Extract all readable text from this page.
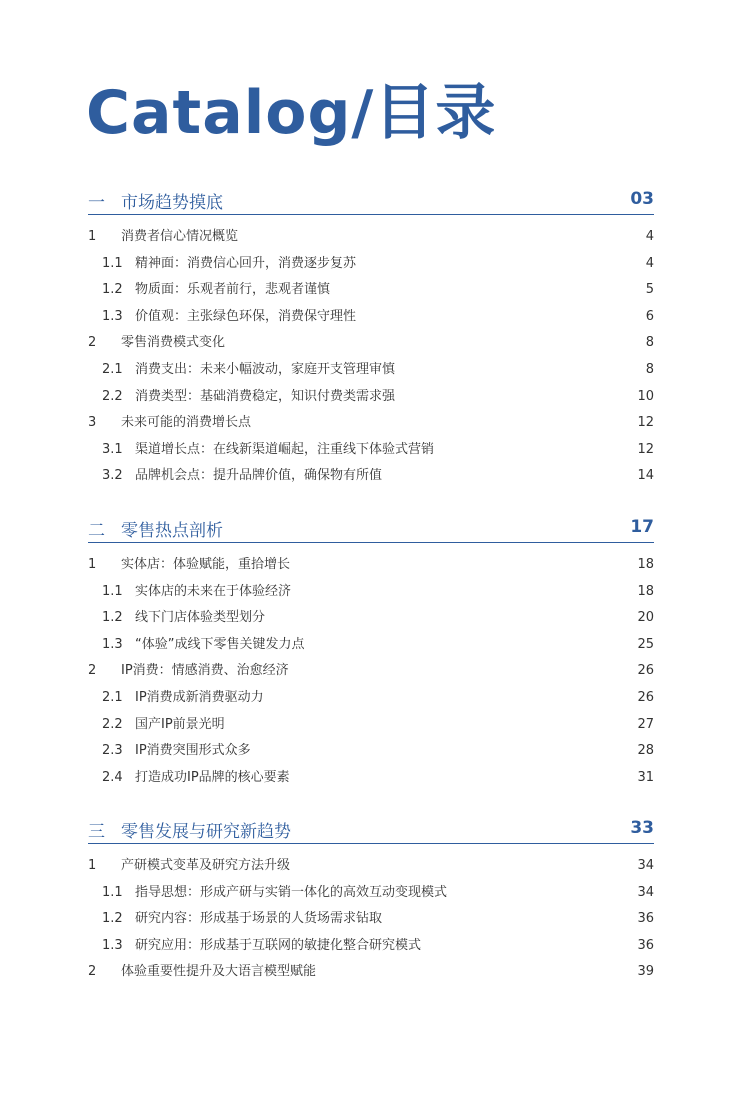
Catalog/目录
一 市场趋势摸底	03
1 消费者信心情况概览	4
1.1 精神面：消费信心回升，消费逐步复苏	4
1.2 物质面：乐观者前行，悲观者谨慎	5
1.3 价值观：主张绿色环保，消费保守理性	6
2 零售消费模式变化	8
2.1 消费支出：未来小幅波动，家庭开支管理审慎	8
2.2 消费类型：基础消费稳定，知识付费类需求强	10
3 未来可能的消费增长点	12
3.1 渠道增长点：在线新渠道崛起，注重线下体验式营销	12
3.2 品牌机会点：提升品牌价值，确保物有所值	14
二 零售热点剖析	17
1 实体店：体验赋能，重拾增长	18
1.1 实体店的未来在于体验经济	18
1.2 线下门店体验类型划分	20
1.3 “体验”成线下零售关键发力点	25
2 IP消费：情感消费、治愈经济	26
2.1 IP消费成新消费驱动力	26
2.2 国产IP前景光明	27
2.3 IP消费突围形式众多	28
2.4 打造成功IP品牌的核心要素	31
三 零售发展与研究新趋势	33
1 产研模式变革及研究方法升级	34
1.1 指导思想：形成产研与实销一体化的高效互动变现模式	34
1.2 研究内容：形成基于场景的人货场需求钻取	36
1.3 研究应用：形成基于互联网的敏捷化整合研究模式	36
2 体验重要性提升及大语言模型赋能	39
